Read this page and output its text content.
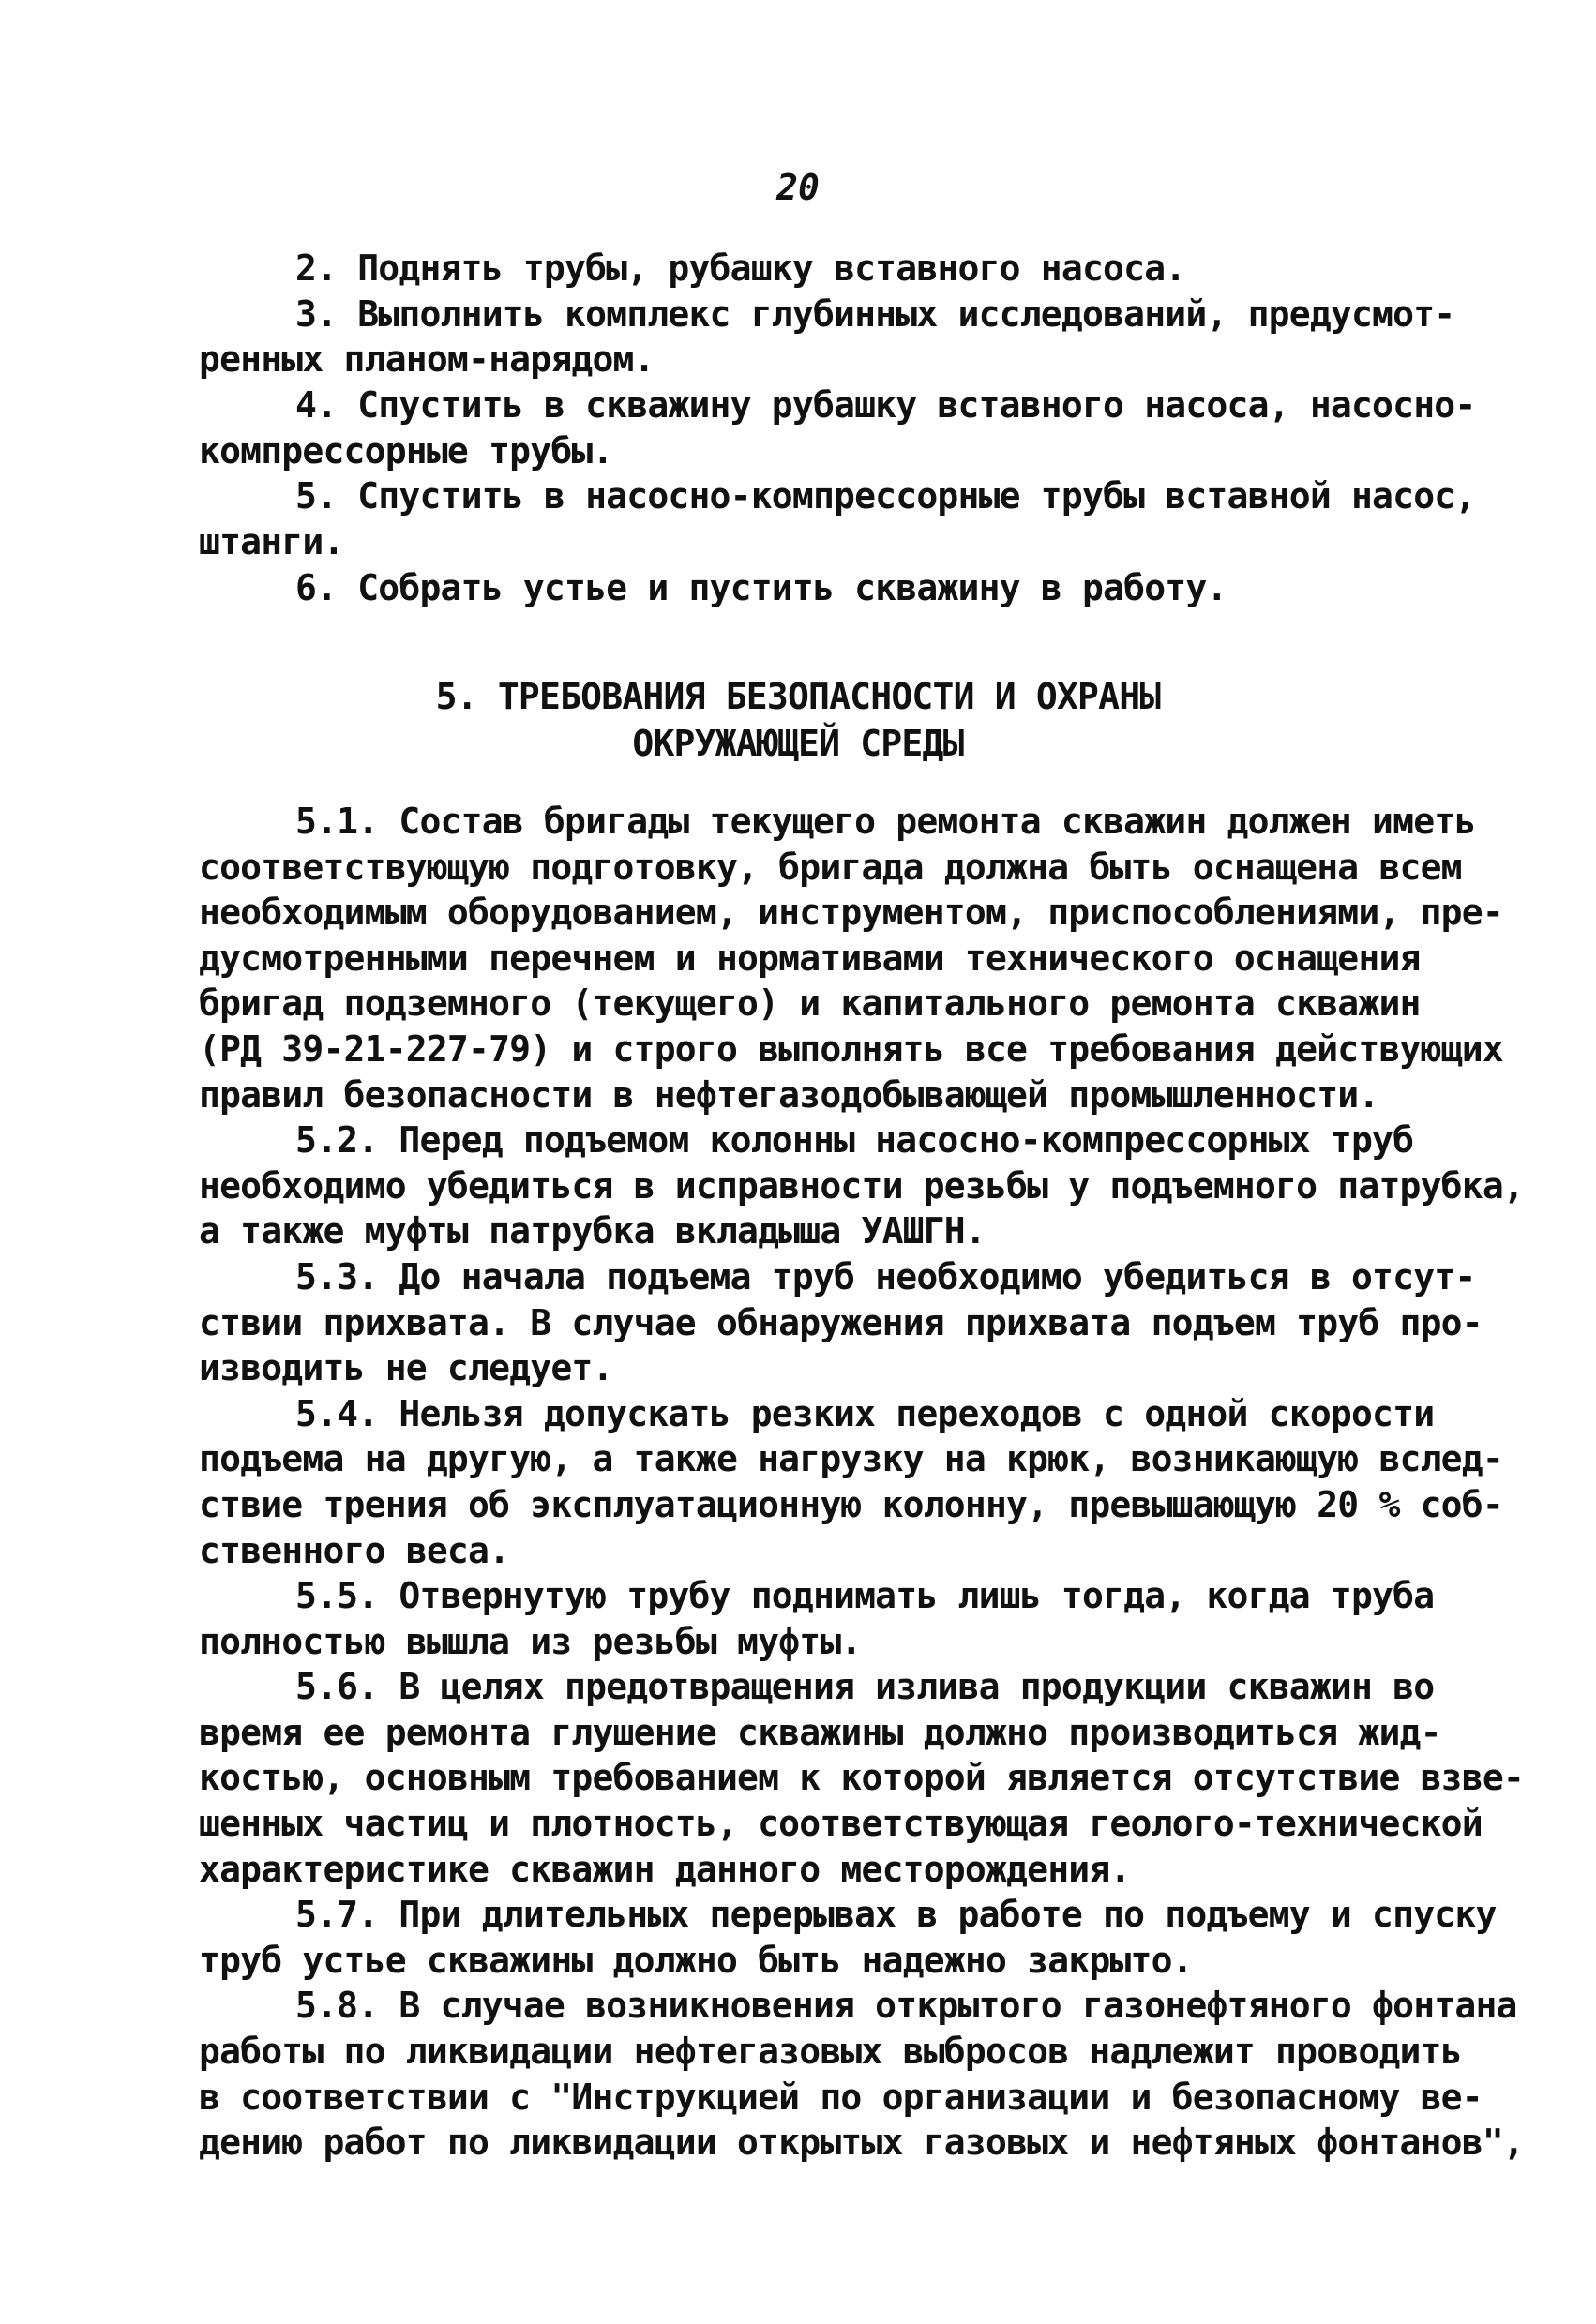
20
2. Поднять трубы, рубашку вставного насоса.
3. Выполнить комплекс глубинных исследований, предусмот-
ренных планом-нарядом.
4. Спустить в скважину рубашку вставного насоса, насосно-
компрессорные трубы.
5. Спустить в насосно-компрессорные трубы вставной насос,
штанги.
6. Собрать устье и пустить скважину в работу.
5. ТРЕБОВАНИЯ БЕЗОПАСНОСТИ И ОХРАНЫ
ОКРУЖАЮЩЕЙ СРЕДЫ
5.1. Состав бригады текущего ремонта скважин должен иметь
соответствующую подготовку, бригада должна быть оснащена всем
необходимым оборудованием, инструментом, приспособлениями, пре-
дусмотренными перечнем и нормативами технического оснащения
бригад подземного (текущего) и капитального ремонта скважин
(РД 39-21-227-79) и строго выполнять все требования действующих
правил безопасности в нефтегазодобывающей промышленности.
5.2. Перед подъемом колонны насосно-компрессорных труб
необходимо убедиться в исправности резьбы у подъемного патрубка,
а также муфты патрубка вкладыша УАШГН.
5.3. До начала подъема труб необходимо убедиться в отсут-
ствии прихвата. В случае обнаружения прихвата подъем труб про-
изводить не следует.
5.4. Нельзя допускать резких переходов с одной скорости
подъема на другую, а также нагрузку на крюк, возникающую вслед-
ствие трения об эксплуатационную колонну, превышающую 20 % соб-
ственного веса.
5.5. Отвернутую трубу поднимать лишь тогда, когда труба
полностью вышла из резьбы муфты.
5.6. В целях предотвращения излива продукции скважин во
время ее ремонта глушение скважины должно производиться жид-
костью, основным требованием к которой является отсутствие взве-
шенных частиц и плотность, соответствующая геолого-технической
характеристике скважин данного месторождения.
5.7. При длительных перерывах в работе по подъему и спуску
труб устье скважины должно быть надежно закрыто.
5.8. В случае возникновения открытого газонефтяного фонтана
работы по ликвидации нефтегазовых выбросов надлежит проводить
в соответствии с "Инструкцией по организации и безопасному ве-
дению работ по ликвидации открытых газовых и нефтяных фонтанов",
